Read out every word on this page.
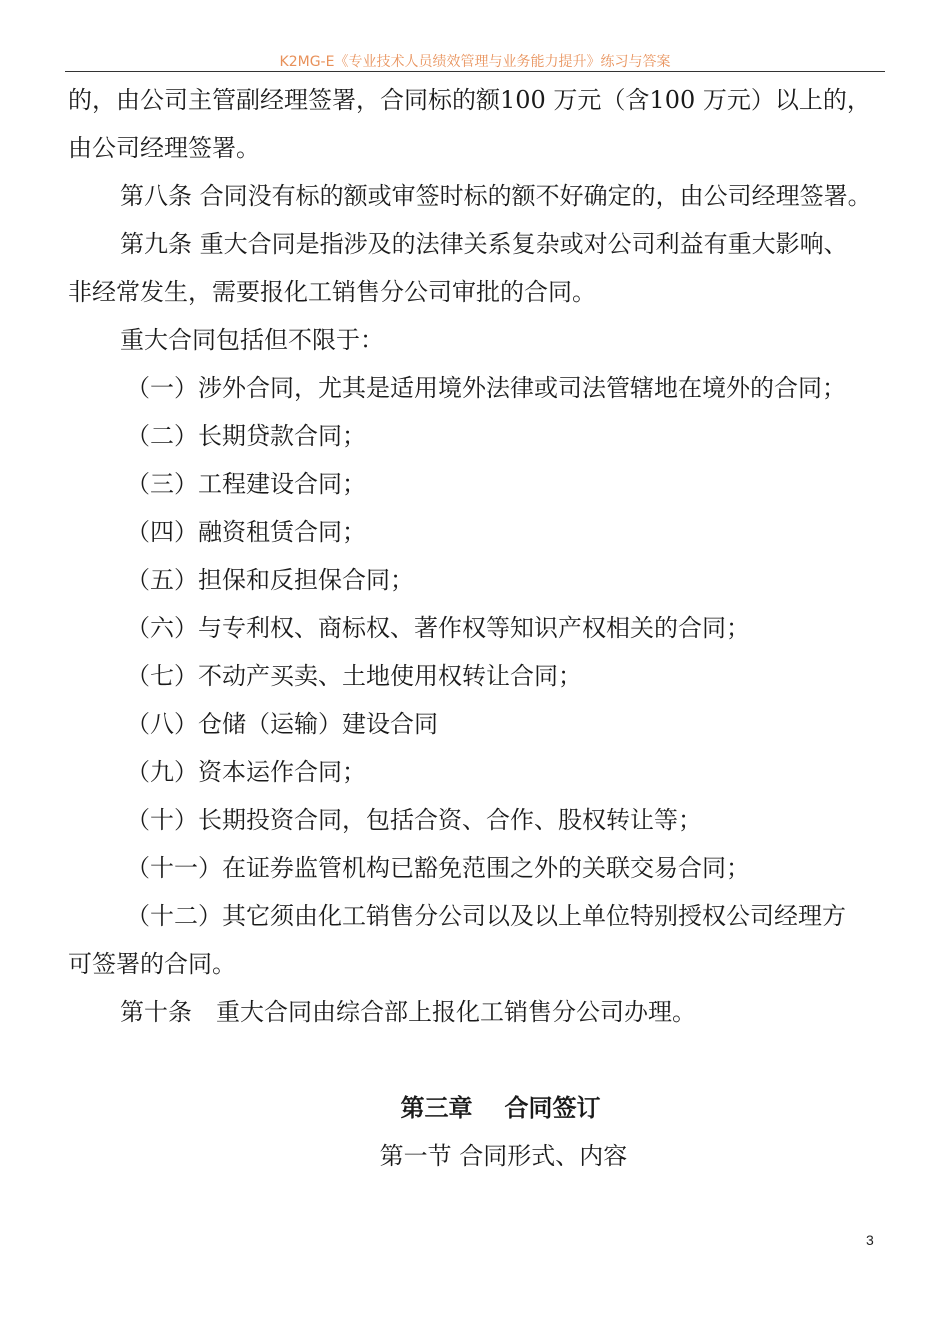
K2MG-E《专业技术人员绩效管理与业务能力提升》练习与答案

的，由公司主管副经理签署，合同标的额100 万元（含100 万元）以上的，

由公司经理签署。

第八条 合同没有标的额或审签时标的额不好确定的，由公司经理签署。

第九条 重大合同是指涉及的法律关系复杂或对公司利益有重大影响、

非经常发生，需要报化工销售分公司审批的合同。

重大合同包括但不限于：

（一）涉外合同，尤其是适用境外法律或司法管辖地在境外的合同；

（二）长期贷款合同；

（三）工程建设合同；

（四）融资租赁合同；

（五）担保和反担保合同；

（六）与专利权、商标权、著作权等知识产权相关的合同；

（七）不动产买卖、土地使用权转让合同；

（八）仓储（运输）建设合同

（九）资本运作合同；

（十）长期投资合同，包括合资、合作、股权转让等；

（十一）在证券监管机构已豁免范围之外的关联交易合同；

（十二）其它须由化工销售分公司以及以上单位特别授权公司经理方

可签署的合同。

第十条　重大合同由综合部上报化工销售分公司办理。

第三章 合同签订

第一节 合同形式、内容

3
